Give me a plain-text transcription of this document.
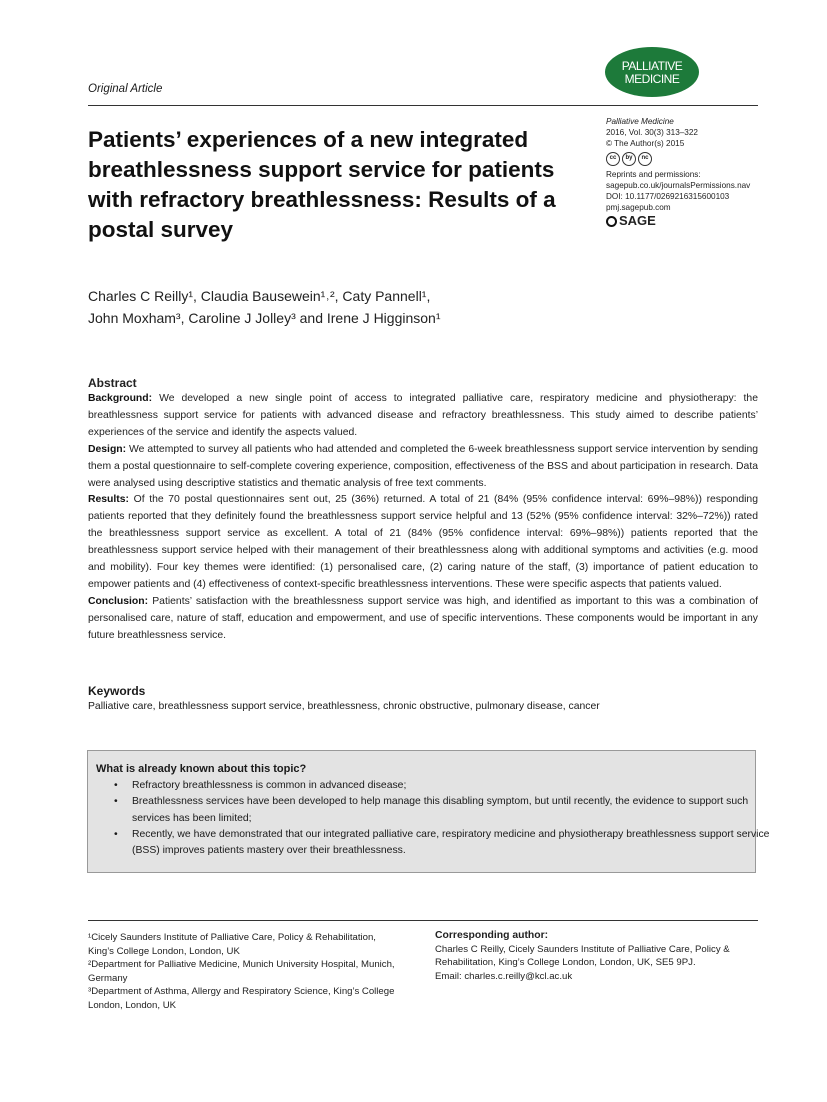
PALLIATIVE
MEDICINE
Original Article
Patients’ experiences of a new integrated breathlessness support service for patients with refractory breathlessness: Results of a postal survey
Palliative Medicine
2016, Vol. 30(3) 313–322
© The Author(s) 2015
cc	by	nc
Reprints and permissions:
sagepub.co.uk/journalsPermissions.nav
DOI: 10.1177/0269216315600103
pmj.sagepub.com
SAGE
Charles C Reilly¹, Claudia Bausewein¹˒², Caty Pannell¹,
John Moxham³, Caroline J Jolley³ and Irene J Higginson¹
Abstract

Background: We developed a new single point of access to integrated palliative care, respiratory medicine and physiotherapy: the breathlessness support service for patients with advanced disease and refractory breathlessness. This study aimed to describe patients’ experiences of the service and identify the aspects valued.

Design: We attempted to survey all patients who had attended and completed the 6-week breathlessness support service intervention by sending them a postal questionnaire to self-complete covering experience, composition, effectiveness of the BSS and about participation in research. Data were analysed using descriptive statistics and thematic analysis of free text comments.

Results: Of the 70 postal questionnaires sent out, 25 (36%) returned. A total of 21 (84% (95% confidence interval: 69%–98%)) responding patients reported that they definitely found the breathlessness support service helpful and 13 (52% (95% confidence interval: 32%–72%)) rated the breathlessness support service as excellent. A total of 21 (84% (95% confidence interval: 69%–98%)) patients reported that the breathlessness support service helped with their management of their breathlessness along with additional symptoms and activities (e.g. mood and mobility). Four key themes were identified: (1) personalised care, (2) caring nature of the staff, (3) importance of patient education to empower patients and (4) effectiveness of context-specific breathlessness interventions. These were specific aspects that patients valued.

Conclusion: Patients’ satisfaction with the breathlessness support service was high, and identified as important to this was a combination of personalised care, nature of staff, education and empowerment, and use of specific interventions. These components would be important in any future breathlessness service.

Keywords
Palliative care, breathlessness support service, breathlessness, chronic obstructive, pulmonary disease, cancer
What is already known about this topic?
• Refractory breathlessness is common in advanced disease;
• Breathlessness services have been developed to help manage this disabling symptom, but until recently, the evidence to support such services has been limited;
• Recently, we have demonstrated that our integrated palliative care, respiratory medicine and physiotherapy breathlessness support service (BSS) improves patients mastery over their breathlessness.
¹Cicely Saunders Institute of Palliative Care, Policy & Rehabilitation, King’s College London, London, UK
²Department for Palliative Medicine, Munich University Hospital, Munich, Germany
³Department of Asthma, Allergy and Respiratory Science, King’s College London, London, UK
Corresponding author:
Charles C Reilly, Cicely Saunders Institute of Palliative Care, Policy & Rehabilitation, King’s College London, London, UK, SE5 9PJ.
Email: charles.c.reilly@kcl.ac.uk
